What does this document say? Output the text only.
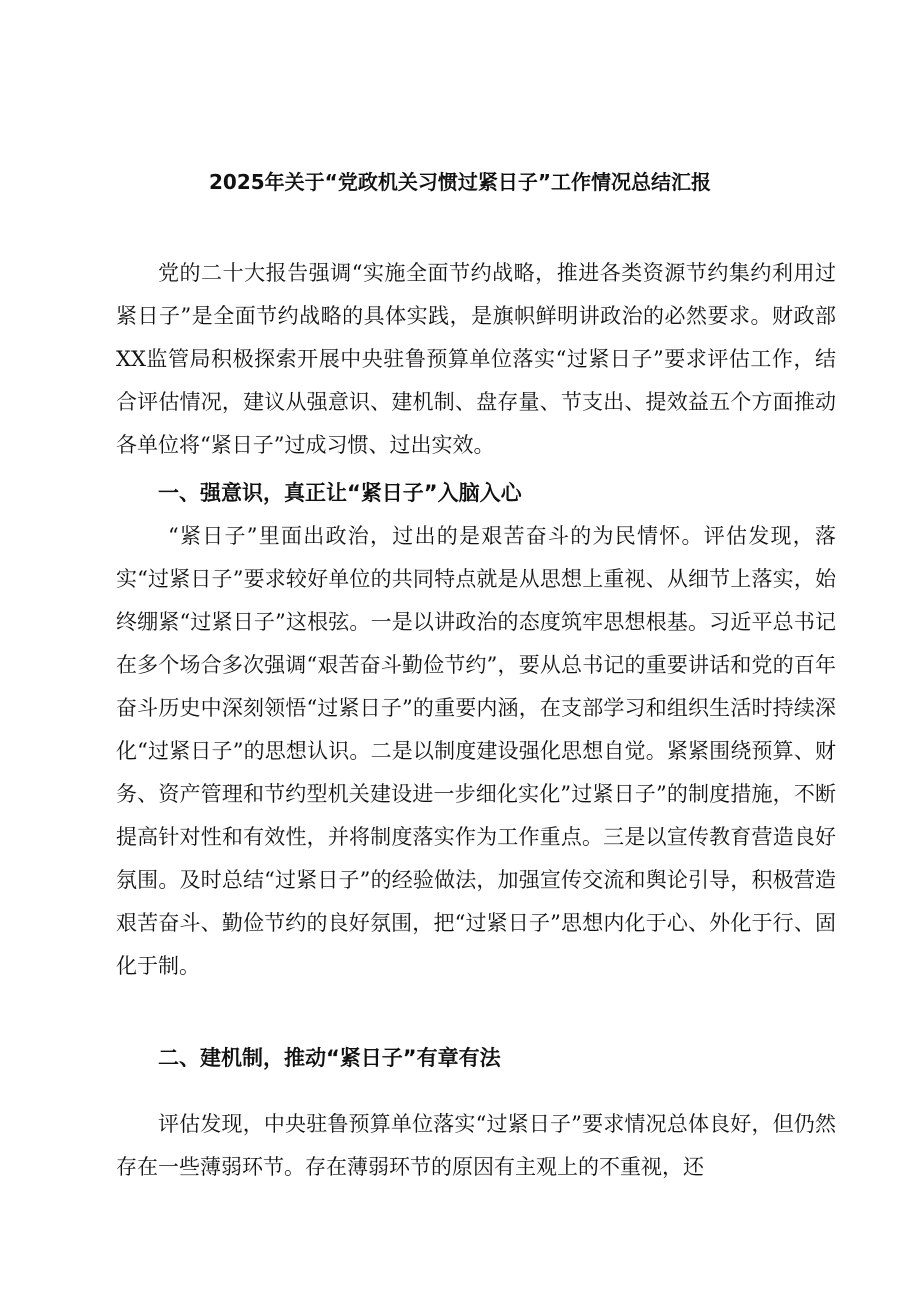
2025年关于“党政机关习惯过紧日子”工作情况总结汇报

党的二十大报告强调“实施全面节约战略，推进各类资源节约集约利用过紧日子”是全面节约战略的具体实践，是旗帜鲜明讲政治的必然要求。财政部XX监管局积极探索开展中央驻鲁预算单位落实“过紧日子”要求评估工作，结合评估情况，建议从强意识、建机制、盘存量、节支出、提效益五个方面推动各单位将“紧日子”过成习惯、过出实效。

一、强意识，真正让“紧日子”入脑入心

“紧日子”里面出政治，过出的是艰苦奋斗的为民情怀。评估发现，落实“过紧日子”要求较好单位的共同特点就是从思想上重视、从细节上落实，始终绷紧“过紧日子”这根弦。一是以讲政治的态度筑牢思想根基。习近平总书记在多个场合多次强调“艰苦奋斗勤俭节约”，要从总书记的重要讲话和党的百年奋斗历史中深刻领悟“过紧日子”的重要内涵，在支部学习和组织生活时持续深化“过紧日子”的思想认识。二是以制度建设强化思想自觉。紧紧围绕预算、财务、资产管理和节约型机关建设进一步细化实化”过紧日子”的制度措施，不断提高针对性和有效性，并将制度落实作为工作重点。三是以宣传教育营造良好氛围。及时总结“过紧日子”的经验做法，加强宣传交流和舆论引导，积极营造艰苦奋斗、勤俭节约的良好氛围，把“过紧日子”思想内化于心、外化于行、固化于制。

二、建机制，推动“紧日子”有章有法

评估发现，中央驻鲁预算单位落实“过紧日子”要求情况总体良好，但仍然存在一些薄弱环节。存在薄弱环节的原因有主观上的不重视，还
